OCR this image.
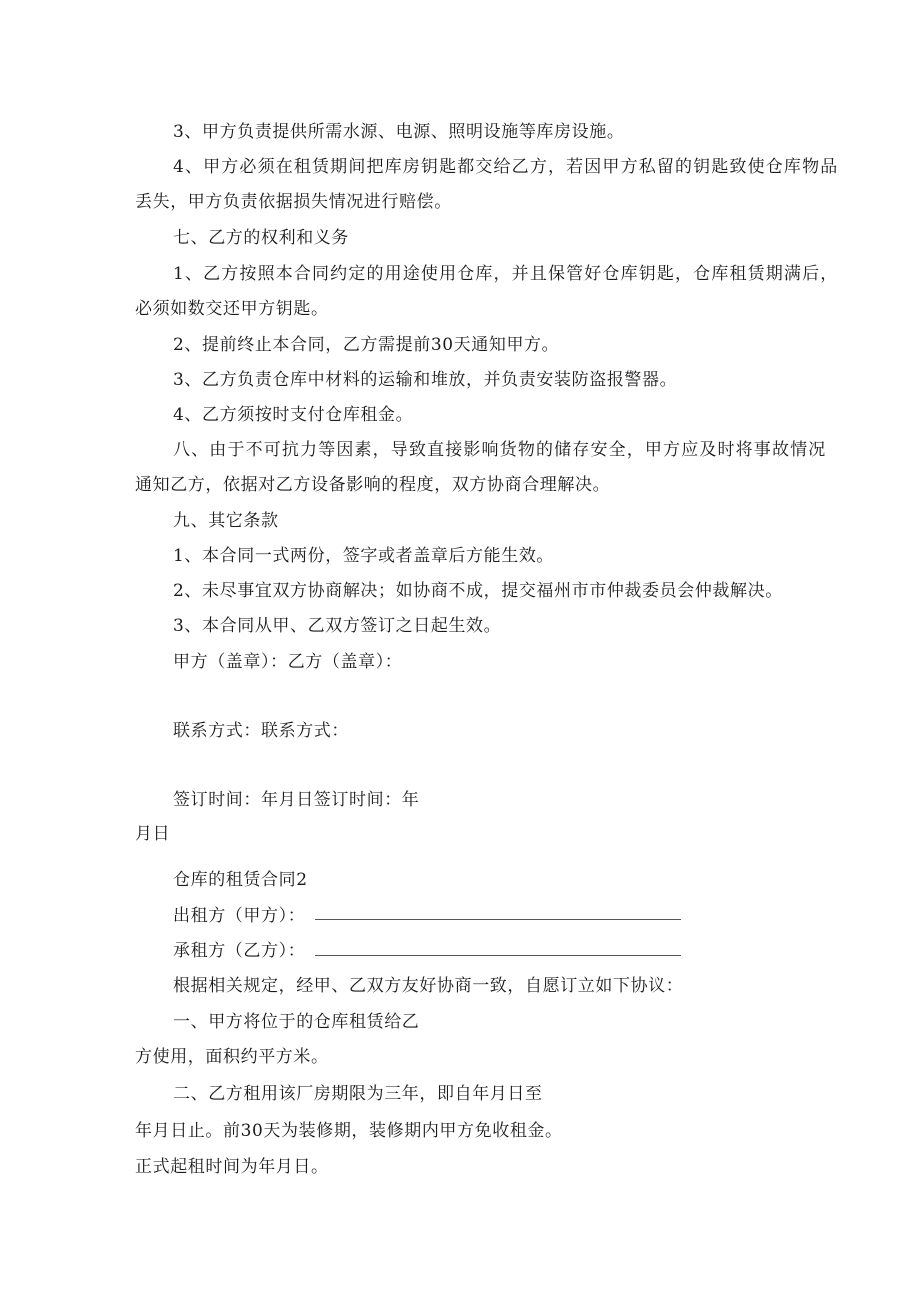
3、甲方负责提供所需水源、电源、照明设施等库房设施。
4、甲方必须在租赁期间把库房钥匙都交给乙方，若因甲方私留的钥匙致使仓库物品
丢失，甲方负责依据损失情况进行赔偿。
七、乙方的权利和义务
1、乙方按照本合同约定的用途使用仓库，并且保管好仓库钥匙，仓库租赁期满后，
必须如数交还甲方钥匙。
2、提前终止本合同，乙方需提前30天通知甲方。
3、乙方负责仓库中材料的运输和堆放，并负责安装防盗报警器。
4、乙方须按时支付仓库租金。
八、由于不可抗力等因素，导致直接影响货物的储存安全，甲方应及时将事故情况
通知乙方，依据对乙方设备影响的程度，双方协商合理解决。
九、其它条款
1、本合同一式两份，签字或者盖章后方能生效。
2、未尽事宜双方协商解决；如协商不成，提交福州市市仲裁委员会仲裁解决。
3、本合同从甲、乙双方签订之日起生效。
甲方（盖章）：乙方（盖章）：
联系方式：联系方式：
签订时间：年月日签订时间：年
月日
仓库的租赁合同2
出租方（甲方）：
承租方（乙方）：
根据相关规定，经甲、乙双方友好协商一致，自愿订立如下协议：
一、甲方将位于的仓库租赁给乙
方使用，面积约平方米。
二、乙方租用该厂房期限为三年，即自年月日至
年月日止。前30天为装修期，装修期内甲方免收租金。
正式起租时间为年月日。
